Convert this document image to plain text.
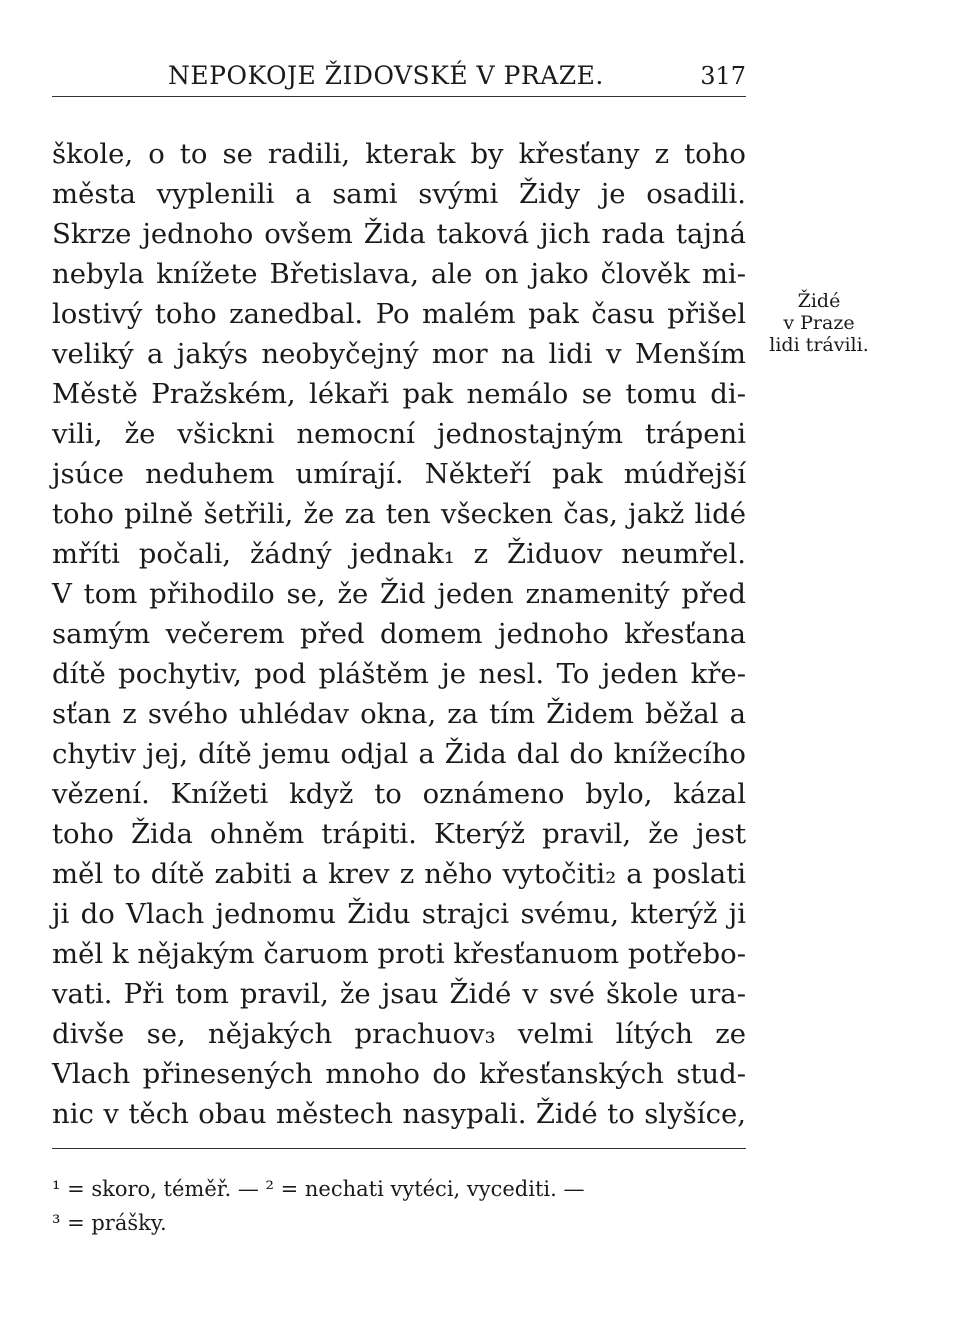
NEPOKOJE ŽIDOVSKÉ V PRAZE.	317
škole, o to se radili, kterak by křesťany z toho
města vyplenili a sami svými Židy je osadili.
Skrze jednoho ovšem Žida taková jich rada tajná
nebyla knížete Břetislava, ale on jako člověk mi-
lostivý toho zanedbal. Po malém pak času přišel
veliký a jakýs neobyčejný mor na lidi v Menším
Městě Pražském, lékaři pak nemálo se tomu di-
vili, že všickni nemocní jednostajným trápeni
jsúce neduhem umírají. Někteří pak múdřejší
toho pilně šetřili, že za ten všecken čas, jakž lidé
mříti počali, žádný jednak₁ z Židuov neumřel.
V tom přihodilo se, že Žid jeden znamenitý před
samým večerem před domem jednoho křesťana
dítě pochytiv, pod pláštěm je nesl. To jeden kře-
sťan z svého uhlédav okna, za tím Židem běžal a
chytiv jej, dítě jemu odjal a Žida dal do knížecího
vězení. Knížeti když to oznámeno bylo, kázal
toho Žida ohněm trápiti. Kterýž pravil, že jest
měl to dítě zabiti a krev z něho vytočiti₂ a poslati
ji do Vlach jednomu Židu strajci svému, kterýž ji
měl k nějakým čaruom proti křesťanuom potřebo-
vati. Při tom pravil, že jsau Židé v své škole ura-
divše se, nějakých prachuov₃ velmi lítých ze
Vlach přinesených mnoho do křesťanských stud-
nic v těch obau městech nasypali. Židé to slyšíce,
Židé
v Praze
lidi trávili.
¹ = skoro, téměř. — ² = nechati vytéci, vycediti. —
³ = prášky.
